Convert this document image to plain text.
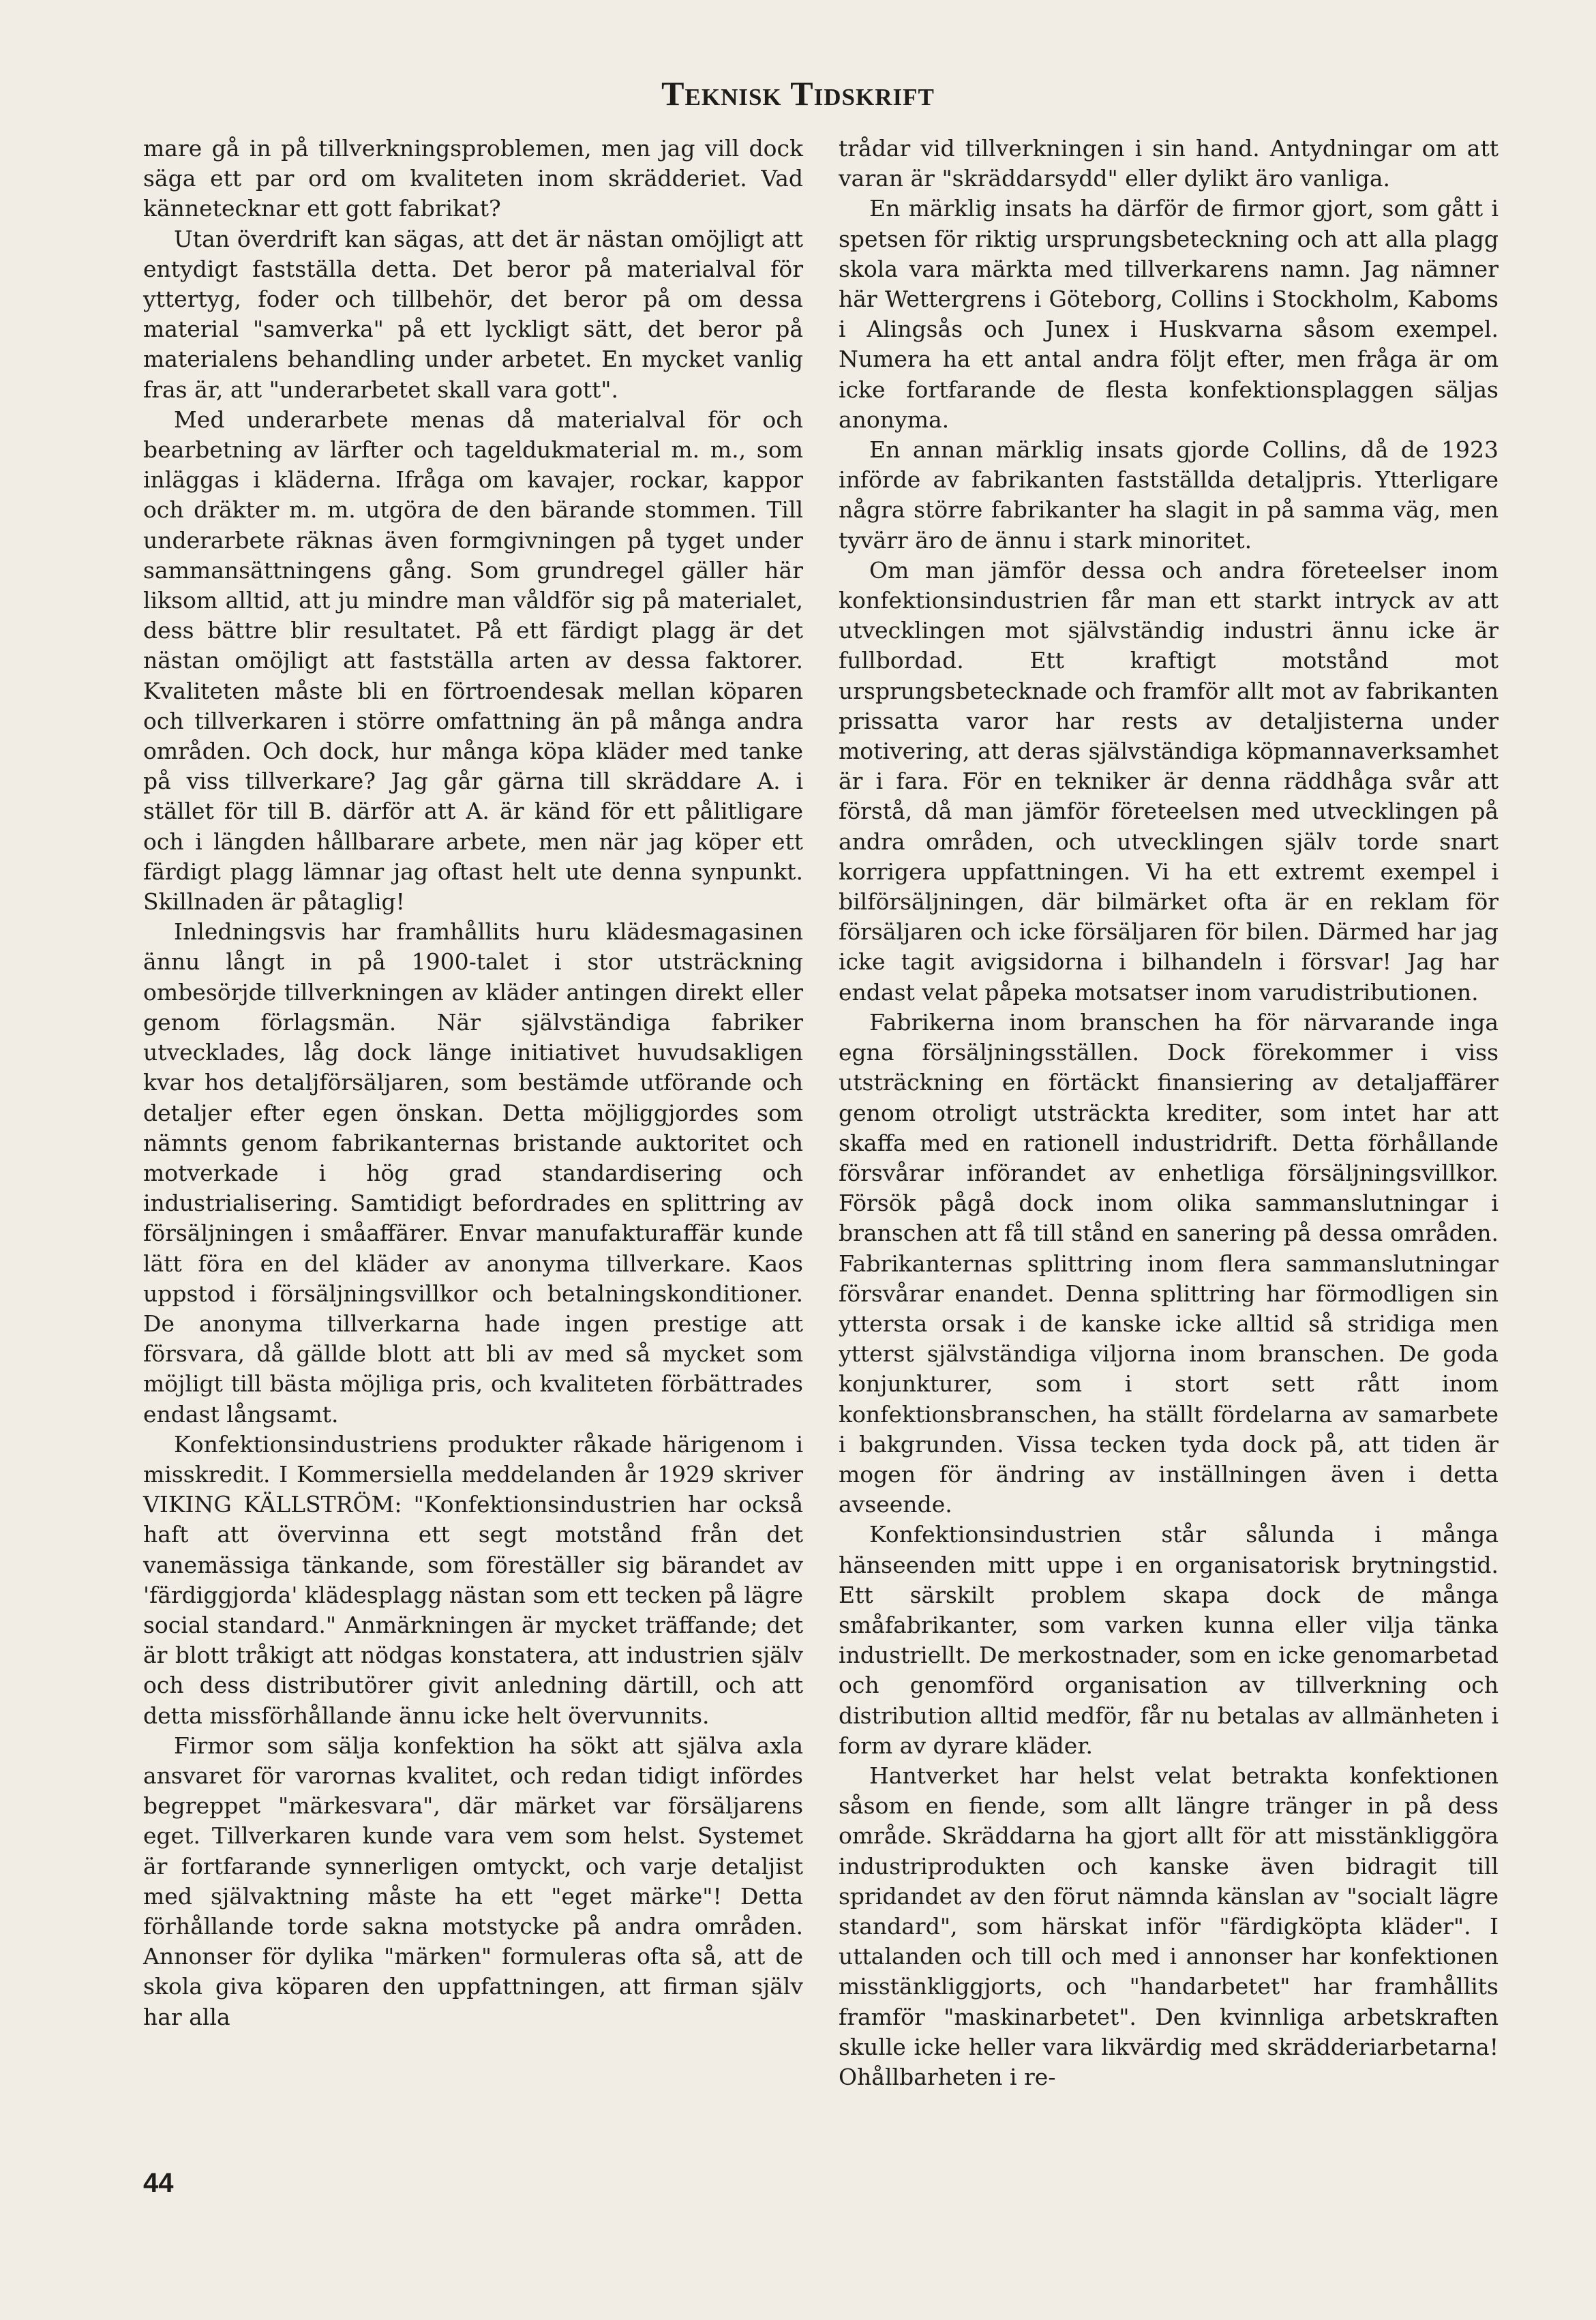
Teknisk Tidskrift

mare gå in på tillverkningsproblemen, men jag vill dock säga ett par ord om kvaliteten inom skrädderiet. Vad kännetecknar ett gott fabrikat?

Utan överdrift kan sägas, att det är nästan omöjligt att entydigt fastställa detta. Det beror på materialval för yttertyg, foder och tillbehör, det beror på om dessa material "samverka" på ett lyckligt sätt, det beror på materialens behandling under arbetet. En mycket vanlig fras är, att "underarbetet skall vara gott".

Med underarbete menas då materialval för och bearbetning av lärfter och tageldukmaterial m. m., som inläggas i kläderna. Ifråga om kavajer, rockar, kappor och dräkter m. m. utgöra de den bärande stommen. Till underarbete räknas även formgivningen på tyget under sammansättningens gång. Som grundregel gäller här liksom alltid, att ju mindre man våldför sig på materialet, dess bättre blir resultatet. På ett färdigt plagg är det nästan omöjligt att fastställa arten av dessa faktorer. Kvaliteten måste bli en förtroendesak mellan köparen och tillverkaren i större omfattning än på många andra områden. Och dock, hur många köpa kläder med tanke på viss tillverkare? Jag går gärna till skräddare A. i stället för till B. därför att A. är känd för ett pålitligare och i längden hållbarare arbete, men när jag köper ett färdigt plagg lämnar jag oftast helt ute denna synpunkt. Skillnaden är påtaglig!

Inledningsvis har framhållits huru klädesmagasinen ännu långt in på 1900-talet i stor utsträckning ombesörjde tillverkningen av kläder antingen direkt eller genom förlagsmän. När självständiga fabriker utvecklades, låg dock länge initiativet huvudsakligen kvar hos detaljförsäljaren, som bestämde utförande och detaljer efter egen önskan. Detta möjliggjordes som nämnts genom fabrikanternas bristande auktoritet och motverkade i hög grad standardisering och industrialisering. Samtidigt befordrades en splittring av försäljningen i småaffärer. Envar manufakturaffär kunde lätt föra en del kläder av anonyma tillverkare. Kaos uppstod i försäljningsvillkor och betalningskonditioner. De anonyma tillverkarna hade ingen prestige att försvara, då gällde blott att bli av med så mycket som möjligt till bästa möjliga pris, och kvaliteten förbättrades endast långsamt.

Konfektionsindustriens produkter råkade härigenom i misskredit. I Kommersiella meddelanden år 1929 skriver VIKING KÄLLSTRÖM: "Konfektionsindustrien har också haft att övervinna ett segt motstånd från det vanemässiga tänkande, som föreställer sig bärandet av 'färdiggjorda' klädesplagg nästan som ett tecken på lägre social standard." Anmärkningen är mycket träffande; det är blott tråkigt att nödgas konstatera, att industrien själv och dess distributörer givit anledning därtill, och att detta missförhållande ännu icke helt övervunnits.

Firmor som sälja konfektion ha sökt att själva axla ansvaret för varornas kvalitet, och redan tidigt infördes begreppet "märkesvara", där märket var försäljarens eget. Tillverkaren kunde vara vem som helst. Systemet är fortfarande synnerligen omtyckt, och varje detaljist med självaktning måste ha ett "eget märke"! Detta förhållande torde sakna motstycke på andra områden. Annonser för dylika "märken" formuleras ofta så, att de skola giva köparen den uppfattningen, att firman själv har alla

trådar vid tillverkningen i sin hand. Antydningar om att varan är "skräddarsydd" eller dylikt äro vanliga.

En märklig insats ha därför de firmor gjort, som gått i spetsen för riktig ursprungsbeteckning och att alla plagg skola vara märkta med tillverkarens namn. Jag nämner här Wettergrens i Göteborg, Collins i Stockholm, Kaboms i Alingsås och Junex i Huskvarna såsom exempel. Numera ha ett antal andra följt efter, men fråga är om icke fortfarande de flesta konfektionsplaggen säljas anonyma.

En annan märklig insats gjorde Collins, då de 1923 införde av fabrikanten fastställda detaljpris. Ytterligare några större fabrikanter ha slagit in på samma väg, men tyvärr äro de ännu i stark minoritet.

Om man jämför dessa och andra företeelser inom konfektionsindustrien får man ett starkt intryck av att utvecklingen mot självständig industri ännu icke är fullbordad. Ett kraftigt motstånd mot ursprungsbetecknade och framför allt mot av fabrikanten prissatta varor har rests av detaljisterna under motivering, att deras självständiga köpmannaverksamhet är i fara. För en tekniker är denna räddhåga svår att förstå, då man jämför företeelsen med utvecklingen på andra områden, och utvecklingen själv torde snart korrigera uppfattningen. Vi ha ett extremt exempel i bilförsäljningen, där bilmärket ofta är en reklam för försäljaren och icke försäljaren för bilen. Därmed har jag icke tagit avigsidorna i bilhandeln i försvar! Jag har endast velat påpeka motsatser inom varudistributionen.

Fabrikerna inom branschen ha för närvarande inga egna försäljningsställen. Dock förekommer i viss utsträckning en förtäckt finansiering av detaljaffärer genom otroligt utsträckta krediter, som intet har att skaffa med en rationell industridrift. Detta förhållande försvårar införandet av enhetliga försäljningsvillkor. Försök pågå dock inom olika sammanslutningar i branschen att få till stånd en sanering på dessa områden. Fabrikanternas splittring inom flera sammanslutningar försvårar enandet. Denna splittring har förmodligen sin yttersta orsak i de kanske icke alltid så stridiga men ytterst självständiga viljorna inom branschen. De goda konjunkturer, som i stort sett rått inom konfektionsbranschen, ha ställt fördelarna av samarbete i bakgrunden. Vissa tecken tyda dock på, att tiden är mogen för ändring av inställningen även i detta avseende.

Konfektionsindustrien står sålunda i många hänseenden mitt uppe i en organisatorisk brytningstid. Ett särskilt problem skapa dock de många småfabrikanter, som varken kunna eller vilja tänka industriellt. De merkostnader, som en icke genomarbetad och genomförd organisation av tillverkning och distribution alltid medför, får nu betalas av allmänheten i form av dyrare kläder.

Hantverket har helst velat betrakta konfektionen såsom en fiende, som allt längre tränger in på dess område. Skräddarna ha gjort allt för att misstänkliggöra industriprodukten och kanske även bidragit till spridandet av den förut nämnda känslan av "socialt lägre standard", som härskat inför "färdigköpta kläder". I uttalanden och till och med i annonser har konfektionen misstänkliggjorts, och "handarbetet" har framhållits framför "maskinarbetet". Den kvinnliga arbetskraften skulle icke heller vara likvärdig med skrädderiarbetarna! Ohållbarheten i re-

44
